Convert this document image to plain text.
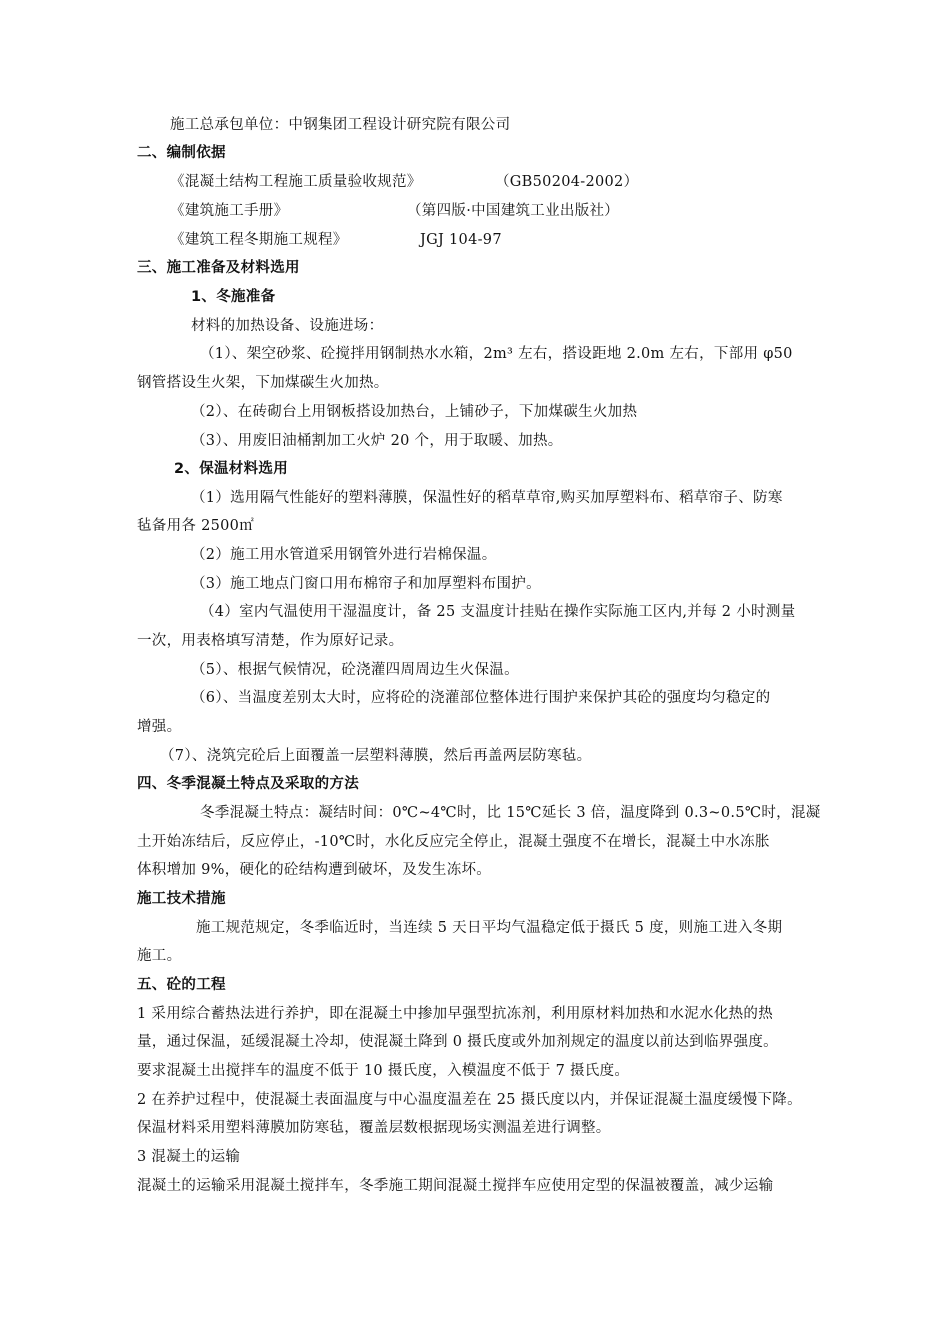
施工总承包单位：中钢集团工程设计研究院有限公司
二、编制依据
《混凝土结构工程施工质量验收规范》	（GB50204-2002）
《建筑施工手册》	（第四版·中国建筑工业出版社）
《建筑工程冬期施工规程》	JGJ 104-97
三、施工准备及材料选用
1、冬施准备
材料的加热设备、设施进场：
（1）、架空砂浆、砼搅拌用钢制热水水箱，2m³ 左右，搭设距地 2.0m 左右，下部用 φ50
钢管搭设生火架，下加煤碳生火加热。
（2）、在砖砌台上用钢板搭设加热台，上铺砂子，下加煤碳生火加热
（3）、用废旧油桶割加工火炉 20 个，用于取暖、加热。
2、保温材料选用
（1）选用隔气性能好的塑料薄膜，保温性好的稻草草帘,购买加厚塑料布、稻草帘子、防寒
毡备用各 2500㎡
（2）施工用水管道采用钢管外进行岩棉保温。
（3）施工地点门窗口用布棉帘子和加厚塑料布围护。
（4）室内气温使用干湿温度计，备 25 支温度计挂贴在操作实际施工区内,并每 2 小时测量
一次，用表格填写清楚，作为原好记录。
（5）、根据气候情况，砼浇灌四周周边生火保温。
（6）、当温度差别太大时，应将砼的浇灌部位整体进行围护来保护其砼的强度均匀稳定的
增强。
（7）、浇筑完砼后上面覆盖一层塑料薄膜，然后再盖两层防寒毡。
四、冬季混凝土特点及采取的方法
冬季混凝土特点：凝结时间：0℃~4℃时，比 15℃延长 3 倍，温度降到 0.3~0.5℃时，混凝
土开始冻结后，反应停止，-10℃时，水化反应完全停止，混凝土强度不在增长，混凝土中水冻胀
体积增加 9%，硬化的砼结构遭到破坏，及发生冻坏。
施工技术措施
施工规范规定，冬季临近时，当连续 5 天日平均气温稳定低于摄氏 5 度，则施工进入冬期
施工。
五、砼的工程
1 采用综合蓄热法进行养护，即在混凝土中掺加早强型抗冻剂，利用原材料加热和水泥水化热的热
量，通过保温，延缓混凝土冷却，使混凝土降到 0 摄氏度或外加剂规定的温度以前达到临界强度。
要求混凝土出搅拌车的温度不低于 10 摄氏度，入模温度不低于 7 摄氏度。
2 在养护过程中，使混凝土表面温度与中心温度温差在 25 摄氏度以内，并保证混凝土温度缓慢下降。
保温材料采用塑料薄膜加防寒毡，覆盖层数根据现场实测温差进行调整。
3 混凝土的运输
混凝土的运输采用混凝土搅拌车，冬季施工期间混凝土搅拌车应使用定型的保温被覆盖，减少运输
